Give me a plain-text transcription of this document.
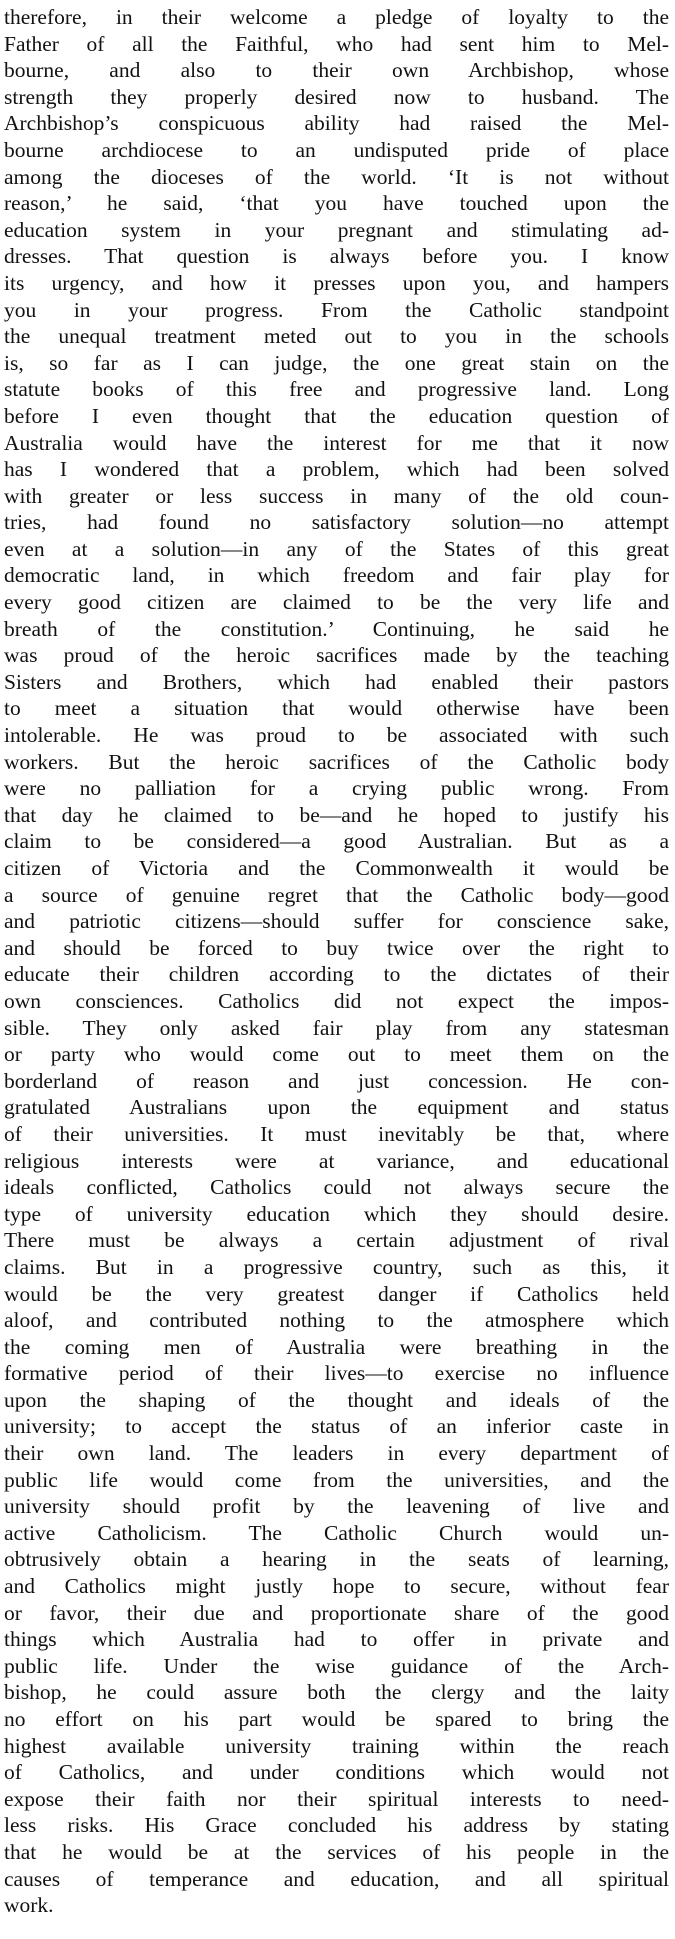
therefore, in their welcome a pledge of loyalty to the
Father of all the Faithful, who had sent him to Mel-
bourne, and also to their own Archbishop, whose
strength they properly desired now to husband. The
Archbishop’s conspicuous ability had raised the Mel-
bourne archdiocese to an undisputed pride of place
among the dioceses of the world. ‘It is not without
reason,’ he said, ‘that you have touched upon the
education system in your pregnant and stimulating ad-
dresses. That question is always before you. I know
its urgency, and how it presses upon you, and hampers
you in your progress. From the Catholic standpoint
the unequal treatment meted out to you in the schools
is, so far as I can judge, the one great stain on the
statute books of this free and progressive land. Long
before I even thought that the education question of
Australia would have the interest for me that it now
has I wondered that a problem, which had been solved
with greater or less success in many of the old coun-
tries, had found no satisfactory solution—no attempt
even at a solution—in any of the States of this great
democratic land, in which freedom and fair play for
every good citizen are claimed to be the very life and
breath of the constitution.’ Continuing, he said he
was proud of the heroic sacrifices made by the teaching
Sisters and Brothers, which had enabled their pastors
to meet a situation that would otherwise have been
intolerable. He was proud to be associated with such
workers. But the heroic sacrifices of the Catholic body
were no palliation for a crying public wrong. From
that day he claimed to be—and he hoped to justify his
claim to be considered—a good Australian. But as a
citizen of Victoria and the Commonwealth it would be
a source of genuine regret that the Catholic body—good
and patriotic citizens—should suffer for conscience sake,
and should be forced to buy twice over the right to
educate their children according to the dictates of their
own consciences. Catholics did not expect the impos-
sible. They only asked fair play from any statesman
or party who would come out to meet them on the
borderland of reason and just concession. He con-
gratulated Australians upon the equipment and status
of their universities. It must inevitably be that, where
religious interests were at variance, and educational
ideals conflicted, Catholics could not always secure the
type of university education which they should desire.
There must be always a certain adjustment of rival
claims. But in a progressive country, such as this, it
would be the very greatest danger if Catholics held
aloof, and contributed nothing to the atmosphere which
the coming men of Australia were breathing in the
formative period of their lives—to exercise no influence
upon the shaping of the thought and ideals of the
university; to accept the status of an inferior caste in
their own land. The leaders in every department of
public life would come from the universities, and the
university should profit by the leavening of live and
active Catholicism. The Catholic Church would un-
obtrusively obtain a hearing in the seats of learning,
and Catholics might justly hope to secure, without fear
or favor, their due and proportionate share of the good
things which Australia had to offer in private and
public life. Under the wise guidance of the Arch-
bishop, he could assure both the clergy and the laity
no effort on his part would be spared to bring the
highest available university training within the reach
of Catholics, and under conditions which would not
expose their faith nor their spiritual interests to need-
less risks. His Grace concluded his address by stating
that he would be at the services of his people in the
causes of temperance and education, and all spiritual
work.
